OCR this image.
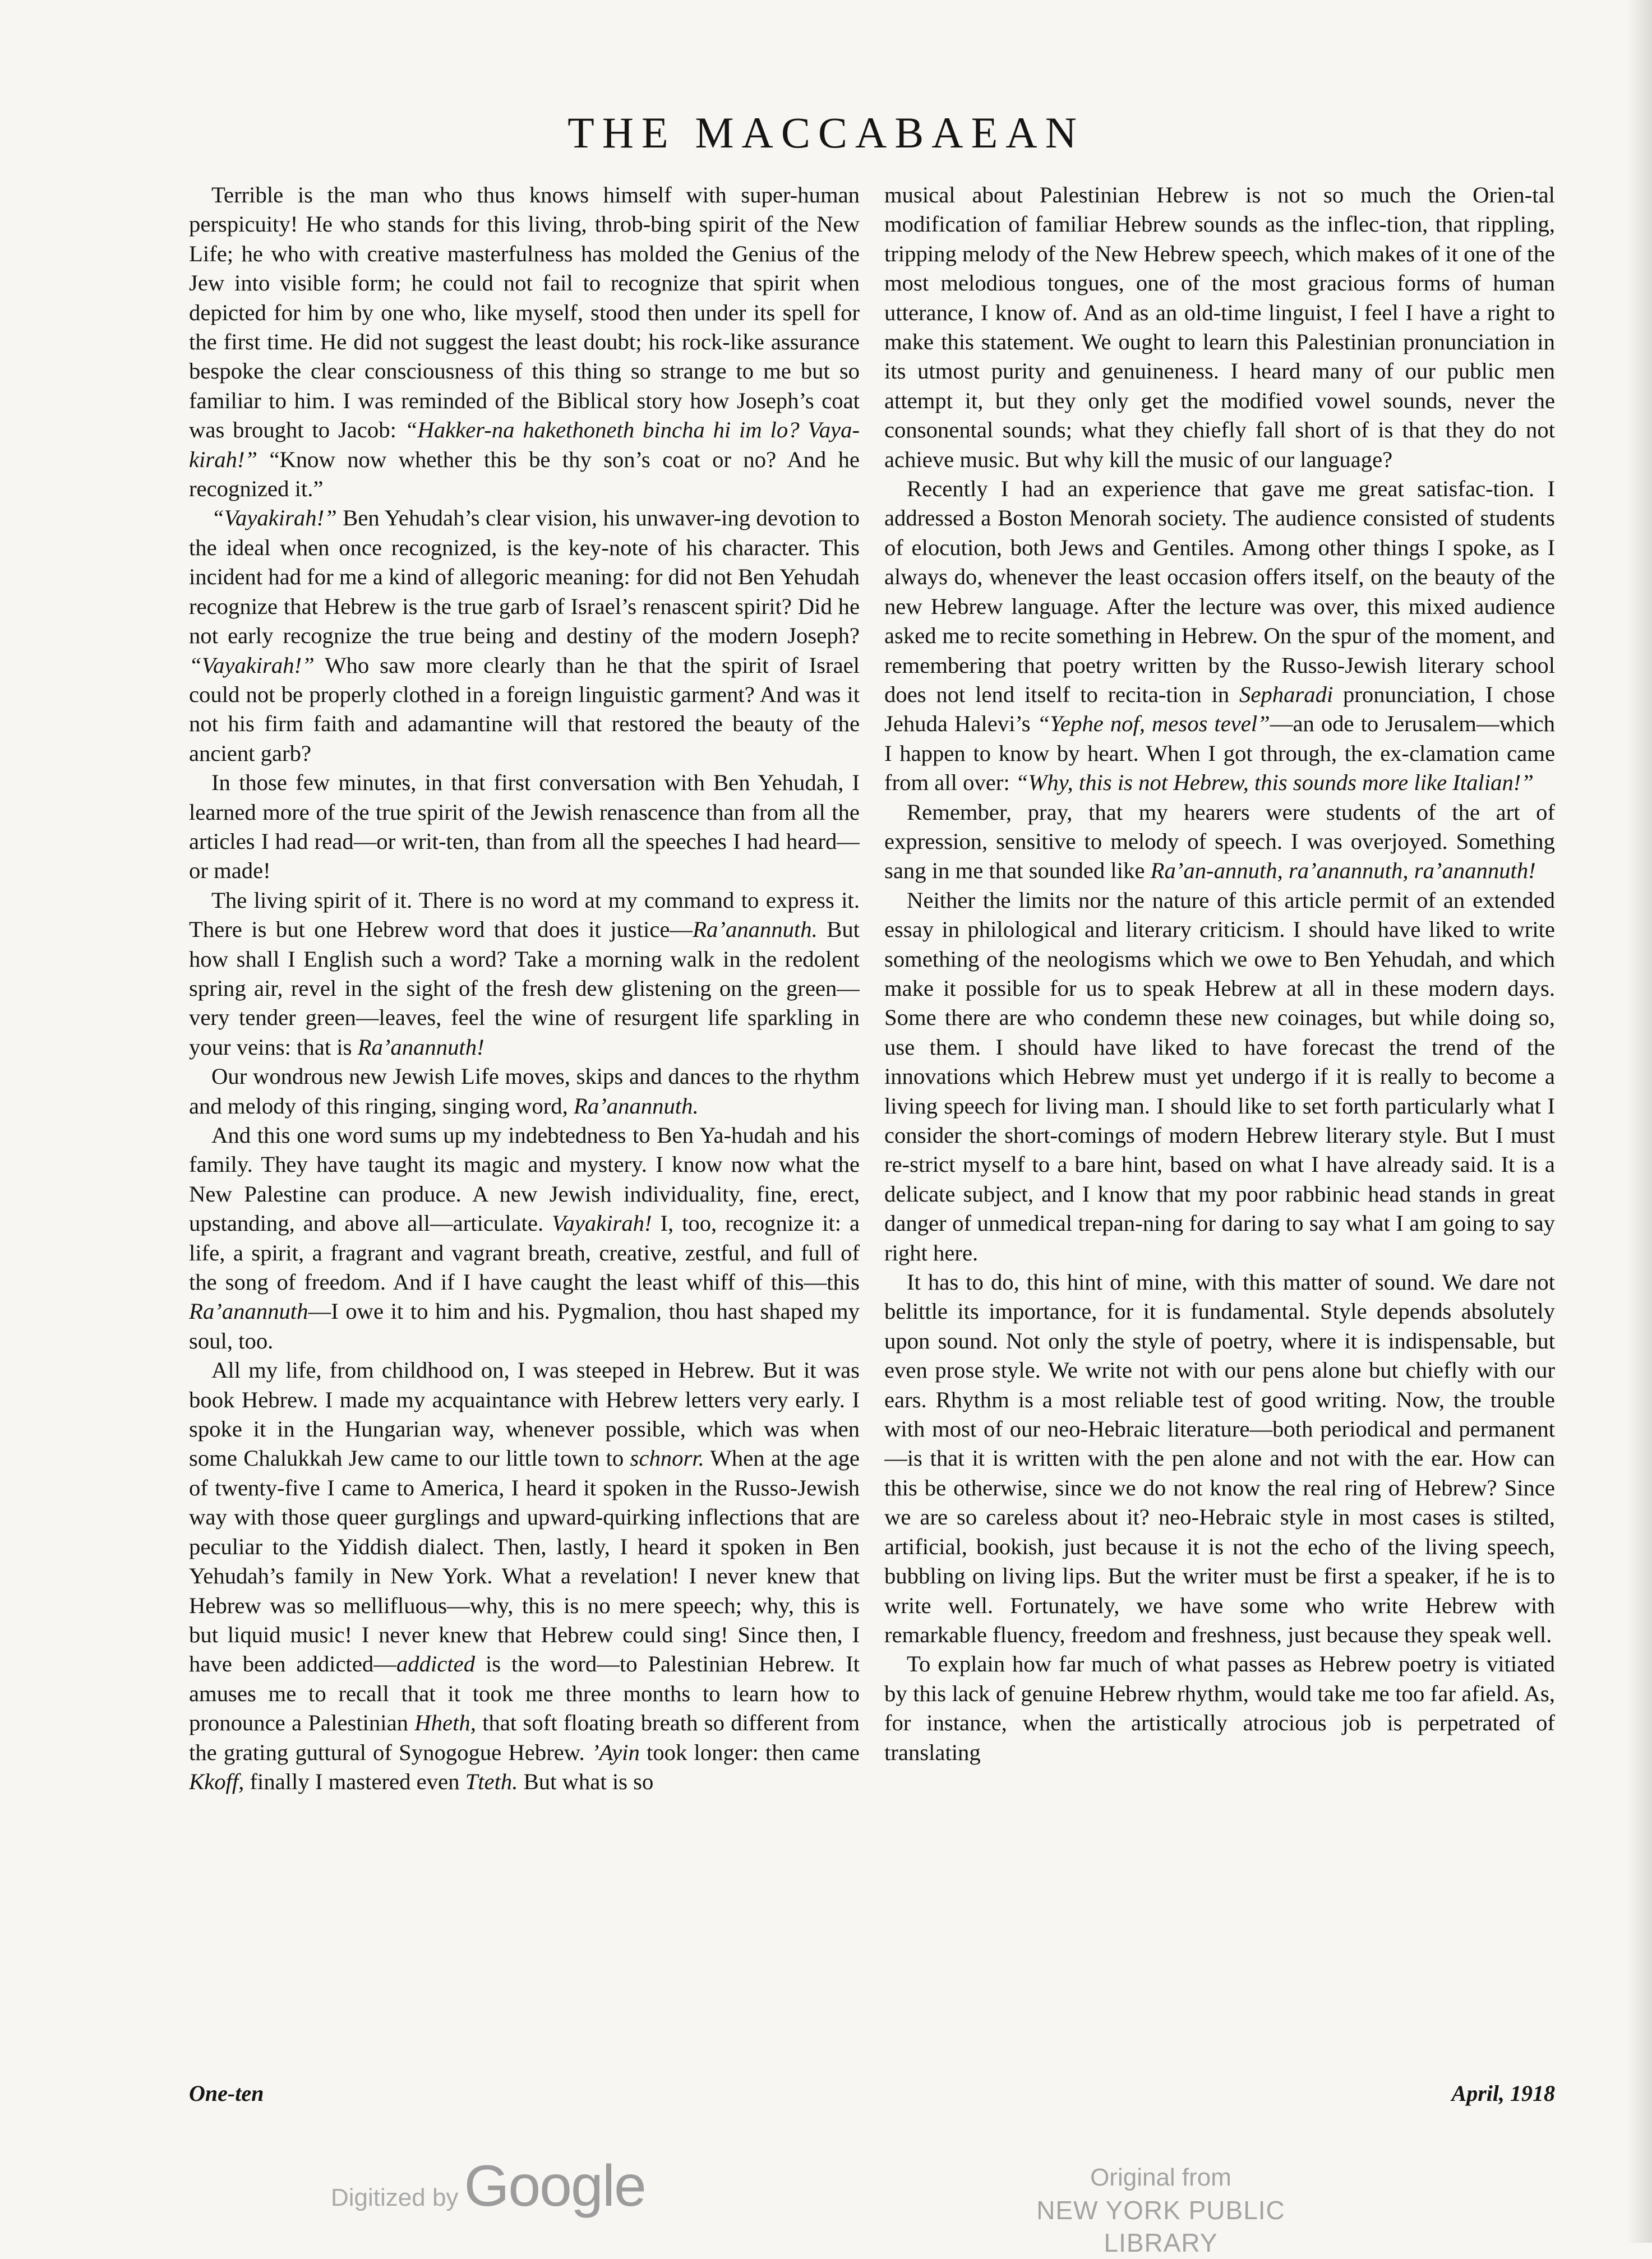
THE MACCABAEAN

Terrible is the man who thus knows himself with super-human perspicuity! He who stands for this living, throb-bing spirit of the New Life; he who with creative masterfulness has molded the Genius of the Jew into visible form; he could not fail to recognize that spirit when depicted for him by one who, like myself, stood then under its spell for the first time. He did not suggest the least doubt; his rock-like assurance bespoke the clear consciousness of this thing so strange to me but so familiar to him. I was reminded of the Biblical story how Joseph’s coat was brought to Jacob: “Hakker-na hakethoneth bincha hi im lo? Vaya-kirah!” “Know now whether this be thy son’s coat or no? And he recognized it.”

“Vayakirah!” Ben Yehudah’s clear vision, his unwaver-ing devotion to the ideal when once recognized, is the key-note of his character. This incident had for me a kind of allegoric meaning: for did not Ben Yehudah recognize that Hebrew is the true garb of Israel’s renascent spirit? Did he not early recognize the true being and destiny of the modern Joseph? “Vayakirah!” Who saw more clearly than he that the spirit of Israel could not be properly clothed in a foreign linguistic garment? And was it not his firm faith and adamantine will that restored the beauty of the ancient garb?

In those few minutes, in that first conversation with Ben Yehudah, I learned more of the true spirit of the Jewish renascence than from all the articles I had read—or writ-ten, than from all the speeches I had heard—or made!

The living spirit of it. There is no word at my command to express it. There is but one Hebrew word that does it justice—Ra’anannuth. But how shall I English such a word? Take a morning walk in the redolent spring air, revel in the sight of the fresh dew glistening on the green—very tender green—leaves, feel the wine of resurgent life sparkling in your veins: that is Ra’anannuth!

Our wondrous new Jewish Life moves, skips and dances to the rhythm and melody of this ringing, singing word, Ra’anannuth.

And this one word sums up my indebtedness to Ben Ya-hudah and his family. They have taught its magic and mystery. I know now what the New Palestine can produce. A new Jewish individuality, fine, erect, upstanding, and above all—articulate. Vayakirah! I, too, recognize it: a life, a spirit, a fragrant and vagrant breath, creative, zestful, and full of the song of freedom. And if I have caught the least whiff of this—this Ra’anannuth—I owe it to him and his. Pygmalion, thou hast shaped my soul, too.

All my life, from childhood on, I was steeped in Hebrew. But it was book Hebrew. I made my acquaintance with Hebrew letters very early. I spoke it in the Hungarian way, whenever possible, which was when some Chalukkah Jew came to our little town to schnorr. When at the age of twenty-five I came to America, I heard it spoken in the Russo-Jewish way with those queer gurglings and upward-quirking inflections that are peculiar to the Yiddish dialect. Then, lastly, I heard it spoken in Ben Yehudah’s family in New York. What a revelation! I never knew that Hebrew was so mellifluous—why, this is no mere speech; why, this is but liquid music! I never knew that Hebrew could sing! Since then, I have been addicted—addicted is the word—to Palestinian Hebrew. It amuses me to recall that it took me three months to learn how to pronounce a Palestinian Hheth, that soft floating breath so different from the grating guttural of Synogogue Hebrew. ’Ayin took longer: then came Kkoff, finally I mastered even Tteth. But what is so

musical about Palestinian Hebrew is not so much the Orien-tal modification of familiar Hebrew sounds as the inflec-tion, that rippling, tripping melody of the New Hebrew speech, which makes of it one of the most melodious tongues, one of the most gracious forms of human utterance, I know of. And as an old-time linguist, I feel I have a right to make this statement. We ought to learn this Palestinian pronunciation in its utmost purity and genuineness. I heard many of our public men attempt it, but they only get the modified vowel sounds, never the consonental sounds; what they chiefly fall short of is that they do not achieve music. But why kill the music of our language?

Recently I had an experience that gave me great satisfac-tion. I addressed a Boston Menorah society. The audience consisted of students of elocution, both Jews and Gentiles. Among other things I spoke, as I always do, whenever the least occasion offers itself, on the beauty of the new Hebrew language. After the lecture was over, this mixed audience asked me to recite something in Hebrew. On the spur of the moment, and remembering that poetry written by the Russo-Jewish literary school does not lend itself to recita-tion in Sepharadi pronunciation, I chose Jehuda Halevi’s “Yephe nof, mesos tevel”—an ode to Jerusalem—which I happen to know by heart. When I got through, the ex-clamation came from all over: “Why, this is not Hebrew, this sounds more like Italian!”

Remember, pray, that my hearers were students of the art of expression, sensitive to melody of speech. I was overjoyed. Something sang in me that sounded like Ra’an-annuth, ra’anannuth, ra’anannuth!

Neither the limits nor the nature of this article permit of an extended essay in philological and literary criticism. I should have liked to write something of the neologisms which we owe to Ben Yehudah, and which make it possible for us to speak Hebrew at all in these modern days. Some there are who condemn these new coinages, but while doing so, use them. I should have liked to have forecast the trend of the innovations which Hebrew must yet undergo if it is really to become a living speech for living man. I should like to set forth particularly what I consider the short-comings of modern Hebrew literary style. But I must re-strict myself to a bare hint, based on what I have already said. It is a delicate subject, and I know that my poor rabbinic head stands in great danger of unmedical trepan-ning for daring to say what I am going to say right here.

It has to do, this hint of mine, with this matter of sound. We dare not belittle its importance, for it is fundamental. Style depends absolutely upon sound. Not only the style of poetry, where it is indispensable, but even prose style. We write not with our pens alone but chiefly with our ears. Rhythm is a most reliable test of good writing. Now, the trouble with most of our neo-Hebraic literature—both periodical and permanent—is that it is written with the pen alone and not with the ear. How can this be otherwise, since we do not know the real ring of Hebrew? Since we are so careless about it? neo-Hebraic style in most cases is stilted, artificial, bookish, just because it is not the echo of the living speech, bubbling on living lips. But the writer must be first a speaker, if he is to write well. Fortunately, we have some who write Hebrew with remarkable fluency, freedom and freshness, just because they speak well.

To explain how far much of what passes as Hebrew poetry is vitiated by this lack of genuine Hebrew rhythm, would take me too far afield. As, for instance, when the artistically atrocious job is perpetrated of translating

One-ten	April, 1918
Digitized by Google	Original from
NEW YORK PUBLIC LIBRARY
